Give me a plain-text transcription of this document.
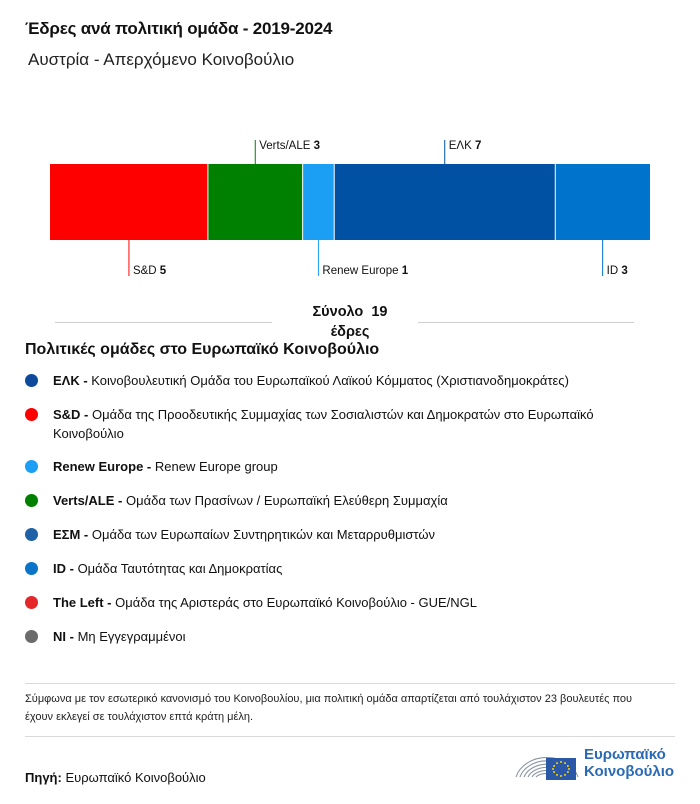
Έδρες ανά πολιτική ομάδα - 2019-2024
Αυστρία - Απερχόμενο Κοινοβούλιο
S&D 5
Verts/ALE 3
Renew Europe 1
ΕΛΚ 7
ID 3
Σύνολο 19
έδρες
Πολιτικές ομάδες στο Ευρωπαϊκό Κοινοβούλιο
ΕΛΚ - Κοινοβουλευτική Ομάδα του Ευρωπαϊκού Λαϊκού Κόμματος (Χριστιανοδημοκράτες)
S&D - Ομάδα της Προοδευτικής Συμμαχίας των Σοσιαλιστών και Δημοκρατών στο Ευρωπαϊκό Κοινοβούλιο
Renew Europe - Renew Europe group
Verts/ALE - Ομάδα των Πρασίνων / Ευρωπαϊκή Ελεύθερη Συμμαχία
ΕΣΜ - Ομάδα των Ευρωπαίων Συντηρητικών και Μεταρρυθμιστών
ID - Ομάδα Ταυτότητας και Δημοκρατίας
The Left - Ομάδα της Αριστεράς στο Ευρωπαϊκό Κοινοβούλιο - GUE/NGL
NI - Μη Εγγεγραμμένοι
Σύμφωνα με τον εσωτερικό κανονισμό του Κοινοβουλίου, μια πολιτική ομάδα απαρτίζεται από τουλάχιστον 23 βουλευτές που έχουν εκλεγεί σε τουλάχιστον επτά κράτη μέλη.
Πηγή: Ευρωπαϊκό Κοινοβούλιο
Ευρωπαϊκό
Κοινοβούλιο
